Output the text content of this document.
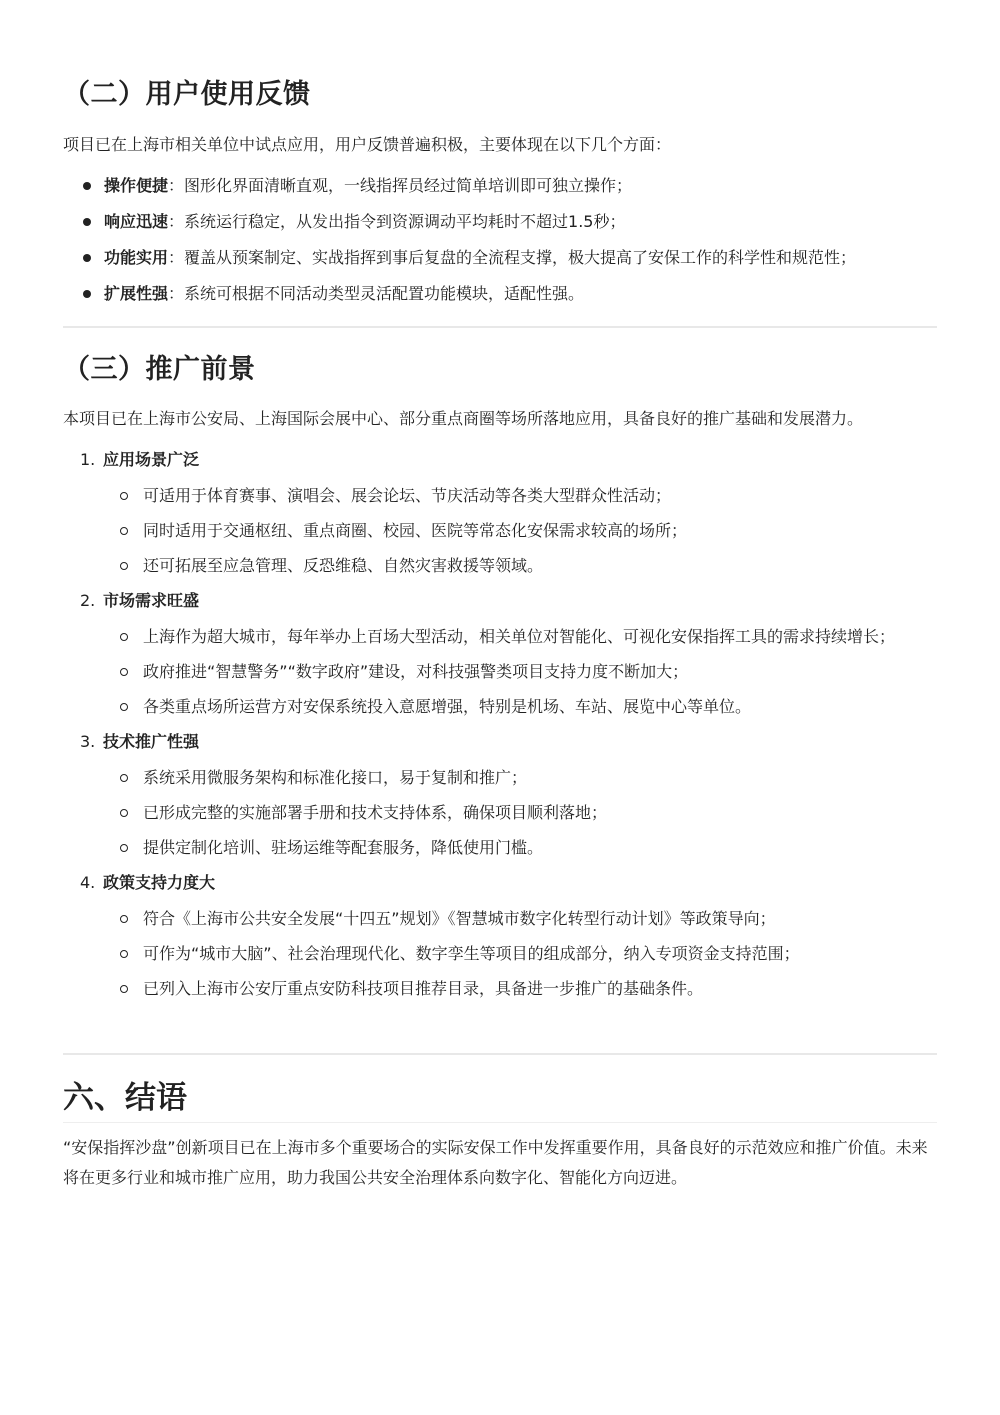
（二）用户使用反馈

项目已在上海市相关单位中试点应用，用户反馈普遍积极，主要体现在以下几个方面：

操作便捷：图形化界面清晰直观，一线指挥员经过简单培训即可独立操作；
响应迅速：系统运行稳定，从发出指令到资源调动平均耗时不超过1.5秒；
功能实用：覆盖从预案制定、实战指挥到事后复盘的全流程支撑，极大提高了安保工作的科学性和规范性；
扩展性强：系统可根据不同活动类型灵活配置功能模块，适配性强。
（三）推广前景

本项目已在上海市公安局、上海国际会展中心、部分重点商圈等场所落地应用，具备良好的推广基础和发展潜力。

1. 应用场景广泛
可适用于体育赛事、演唱会、展会论坛、节庆活动等各类大型群众性活动；
同时适用于交通枢纽、重点商圈、校园、医院等常态化安保需求较高的场所；
还可拓展至应急管理、反恐维稳、自然灾害救援等领域。
2. 市场需求旺盛
上海作为超大城市，每年举办上百场大型活动，相关单位对智能化、可视化安保指挥工具的需求持续增长；
政府推进“智慧警务”“数字政府”建设，对科技强警类项目支持力度不断加大；
各类重点场所运营方对安保系统投入意愿增强，特别是机场、车站、展览中心等单位。
3. 技术推广性强
系统采用微服务架构和标准化接口，易于复制和推广；
已形成完整的实施部署手册和技术支持体系，确保项目顺利落地；
提供定制化培训、驻场运维等配套服务，降低使用门槛。
4. 政策支持力度大
符合《上海市公共安全发展“十四五”规划》《智慧城市数字化转型行动计划》等政策导向；
可作为“城市大脑”、社会治理现代化、数字孪生等项目的组成部分，纳入专项资金支持范围；
已列入上海市公安厅重点安防科技项目推荐目录，具备进一步推广的基础条件。
六、结语

“安保指挥沙盘”创新项目已在上海市多个重要场合的实际安保工作中发挥重要作用，具备良好的示范效应和推广价值。未来将在更多行业和城市推广应用，助力我国公共安全治理体系向数字化、智能化方向迈进。
